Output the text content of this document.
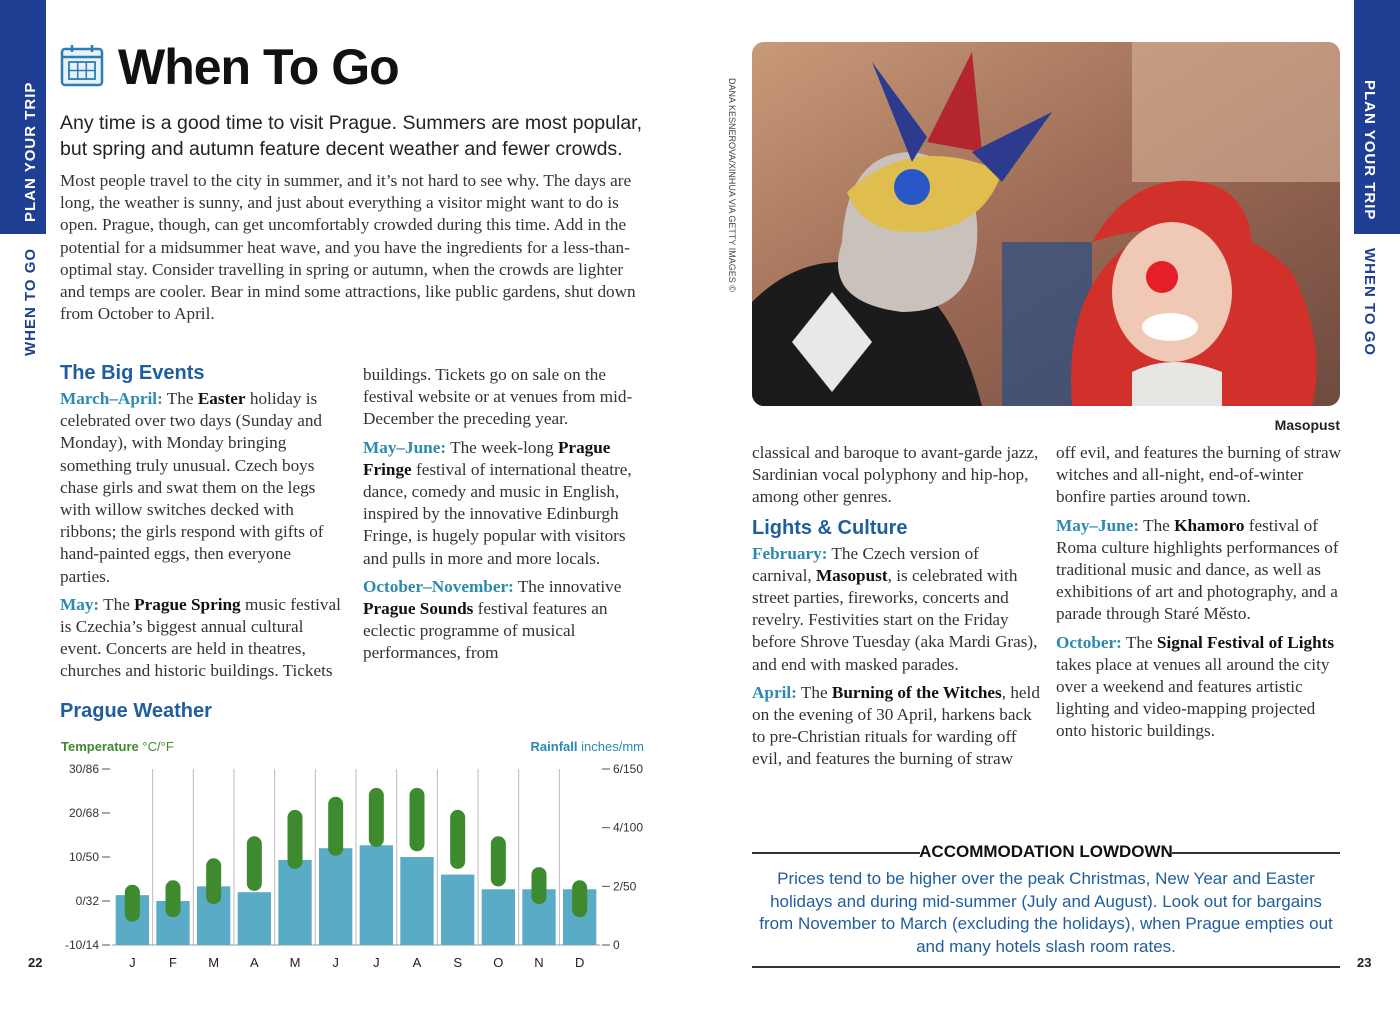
PLAN YOUR TRIP
WHEN TO GO
PLAN YOUR TRIP
WHEN TO GO
When To Go

Any time is a good time to visit Prague. Summers are most popular, but spring and autumn feature decent weather and fewer crowds.

Most people travel to the city in summer, and it’s not hard to see why. The days are long, the weather is sunny, and just about everything a visitor might want to do is open. Prague, though, can get uncomfortably crowded during this time. Add in the potential for a midsummer heat wave, and you have the ingredients for a less-than-optimal stay. Consider travelling in spring or autumn, when the crowds are lighter and temps are cooler. Bear in mind some attractions, like public gardens, shut down from October to April.

The Big Events

March–April: The Easter holiday is celebrated over two days (Sunday and Monday), with Monday bringing something truly unusual. Czech boys chase girls and swat them on the legs with willow switches decked with ribbons; the girls respond with gifts of hand-painted eggs, then everyone parties.

May: The Prague Spring music festival is Czechia’s biggest annual cultural event. Concerts are held in theatres, churches and historic buildings. Tickets

buildings. Tickets go on sale on the festival website or at venues from mid-December the preceding year.

May–June: The week-long Prague Fringe festival of international theatre, dance, comedy and music in English, inspired by the innovative Edinburgh Fringe, is hugely popular with visitors and pulls in more and more locals.

October–November: The innovative Prague Sounds festival features an eclectic programme of musical performances, from

Prague Weather
Temperature °C/°F	Rainfall inches/mm
30/86
20/68
10/50
0/32
-10/14
6/150
4/100
2/50
0
J	F M A M J	J	A S O N D
22
DANA KESNEROVA/XINHUA VIA GETTY IMAGES ©
Masopust

classical and baroque to avant-garde jazz, Sardinian vocal polyphony and hip-hop, among other genres.

Lights & Culture

February: The Czech version of carnival, Masopust, is celebrated with street parties, fireworks, concerts and revelry. Festivities start on the Friday before Shrove Tuesday (aka Mardi Gras), and end with masked parades.

April: The Burning of the Witches, held on the evening of 30 April, harkens back to pre-Christian rituals for warding off evil, and features the burning of straw

off evil, and features the burning of straw witches and all-night, end-of-winter bonfire parties around town.

May–June: The Khamoro festival of Roma culture highlights performances of traditional music and dance, as well as exhibitions of art and photography, and a parade through Staré Město.

October: The Signal Festival of Lights takes place at venues all around the city over a weekend and features artistic lighting and video-mapping projected onto historic buildings.

ACCOMMODATION LOWDOWN
Prices tend to be higher over the peak Christmas, New Year and Easter holidays and during mid-summer (July and August). Look out for bargains from November to March (excluding the holidays), when Prague empties out and many hotels slash room rates.
23
